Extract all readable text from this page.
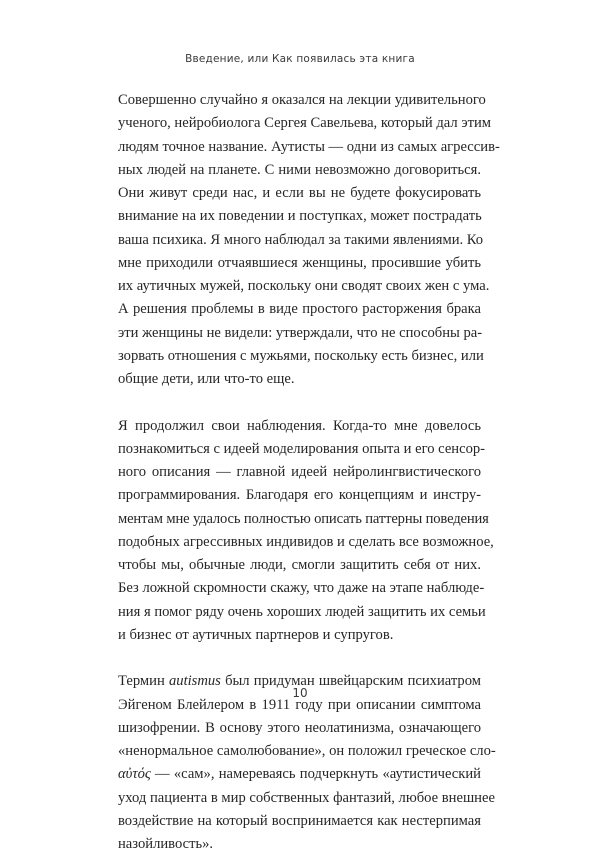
Введение, или Как появилась эта книга

Совершенно случайно я оказался на лекции удивительного
ученого, нейробиолога Сергея Савельева, который дал этим
людям точное название. Аутисты — одни из самых агрессив-
ных людей на планете. С ними невозможно договориться.
Они живут среди нас, и если вы не будете фокусировать
внимание на их поведении и поступках, может пострадать
ваша психика. Я много наблюдал за такими явлениями. Ко
мне приходили отчаявшиеся женщины, просившие убить
их аутичных мужей, поскольку они сводят своих жен с ума.
А решения проблемы в виде простого расторжения брака
эти женщины не видели: утверждали, что не способны ра-
зорвать отношения с мужьями, поскольку есть бизнес, или
общие дети, или что-то еще.

Я продолжил свои наблюдения. Когда-то мне довелось
познакомиться с идеей моделирования опыта и его сенсор-
ного описания — главной идеей нейролингвистического
программирования. Благодаря его концепциям и инстру-
ментам мне удалось полностью описать паттерны поведения
подобных агрессивных индивидов и сделать все возможное,
чтобы мы, обычные люди, смогли защитить себя от них.
Без ложной скромности скажу, что даже на этапе наблюде-
ния я помог ряду очень хороших людей защитить их семьи
и бизнес от аутичных партнеров и супругов.

Термин autismus был придуман швейцарским психиатром
Эйгеном Блейлером в 1911 году при описании симптома
шизофрении. В основу этого неолатинизма, означающего
«ненормальное самолюбование», он положил греческое сло-
αὐτός — «сам», намереваясь подчеркнуть «аутистический
уход пациента в мир собственных фантазий, любое внешнее
воздействие на который воспринимается как нестерпимая
назойливость».

10
